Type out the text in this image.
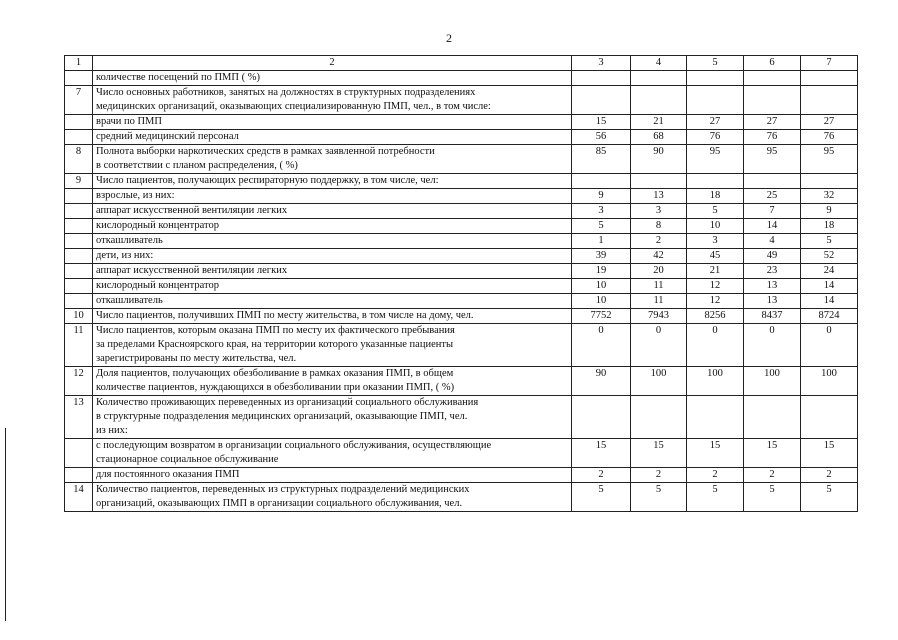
2
1	2	3	4	5	6	7

	количестве посещений по ПМП ( %)					

7	Число основных работников, занятых на должностях в структурных подразделениях
медицинских организаций, оказывающих специализированную ПМП, чел., в том числе:					

	врачи по ПМП	15	21	27	27	27

	средний медицинский персонал	56	68	76	76	76
8	Полнота выборки наркотических средств в рамках заявленной потребности
в соответствии с планом распределения, ( %)	85	90	95	95	95
9	Число пациентов, получающих респираторную поддержку, в том числе, чел:					

	взрослые, из них:	9	13	18	25	32

	аппарат искусственной вентиляции легких	3	3	5	7	9

	кислородный концентратор	5	8	10	14	18

	откашливатель	1	2	3	4	5

	дети, из них:	39	42	45	49	52

	аппарат искусственной вентиляции легких	19	20	21	23	24

	кислородный концентратор	10	11	12	13	14

	откашливатель	10	11	12	13	14
10	Число пациентов, получивших ПМП по месту жительства, в том числе на дому, чел.	7752	7943	8256	8437	8724
11	Число пациентов, которым оказана ПМП по месту их фактического пребывания
за пределами Красноярского края, на территории которого указанные пациенты
зарегистрированы по месту жительства, чел.	0	0	0	0	0
12	Доля пациентов, получающих обезболивание в рамках оказания ПМП, в общем
количестве пациентов, нуждающихся в обезболивании при оказании ПМП, ( %)	90	100	100	100	100
13	Количество проживающих переведенных из организаций социального обслуживания
в структурные подразделения медицинских организаций, оказывающие ПМП, чел.
из них:					

	с последующим возвратом в организации социального обслуживания, осуществляющие
стационарное социальное обслуживание	15	15	15	15	15

	для постоянного оказания ПМП	2	2	2	2	2
14	Количество пациентов, переведенных из структурных подразделений медицинских
организаций, оказывающих ПМП в организации социального обслуживания, чел.	5	5	5	5	5
